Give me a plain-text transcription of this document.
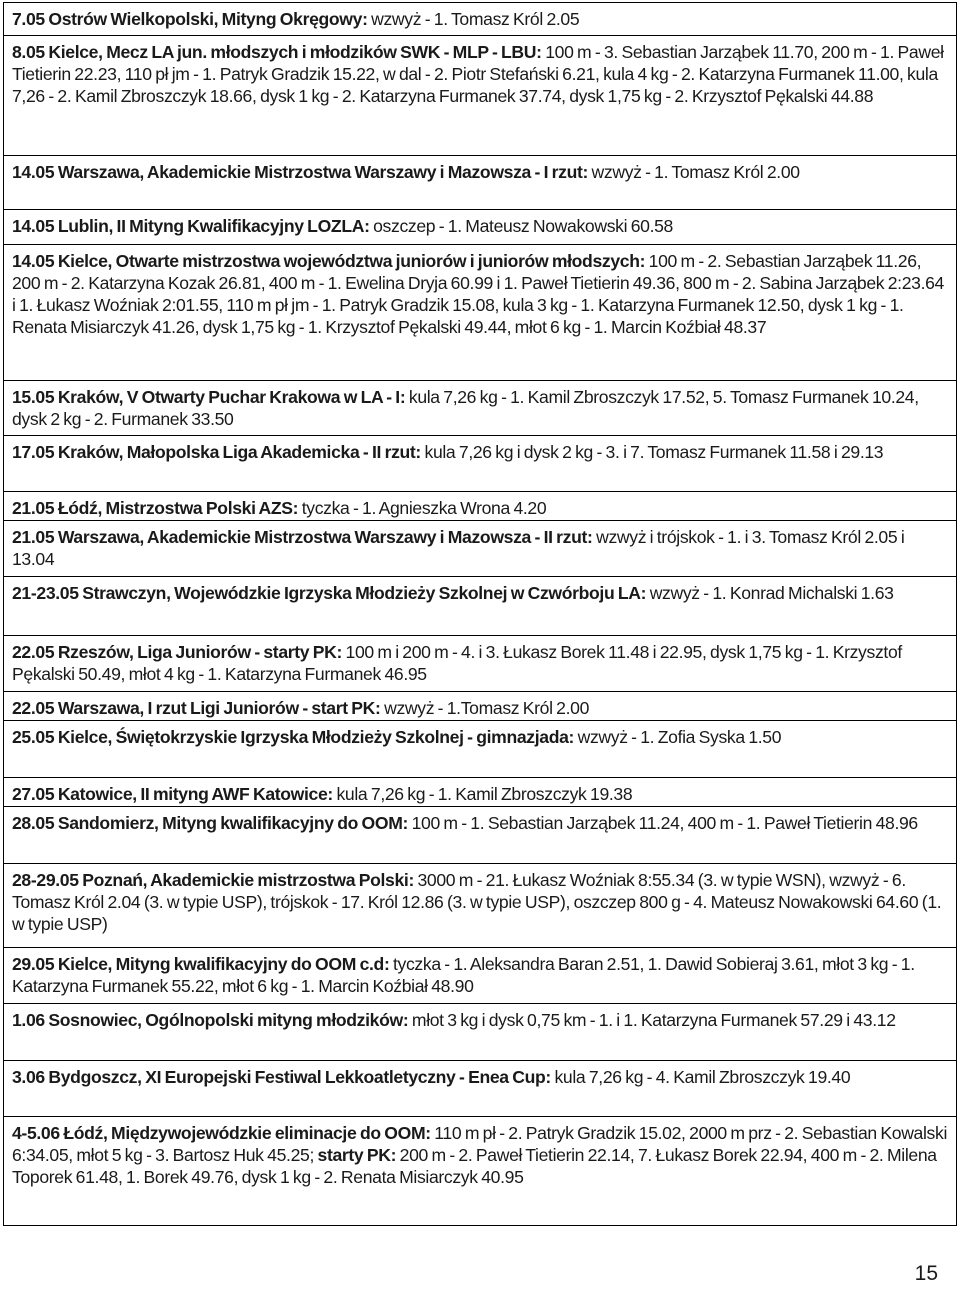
7.05 Ostrów Wielkopolski, Mityng Okręgowy: wzwyż - 1. Tomasz Król 2.05
8.05 Kielce, Mecz LA jun. młodszych i młodzików SWK - MLP - LBU: 100 m - 3. Sebastian Jarząbek 11.70, 200 m - 1. Paweł Tietierin 22.23, 110 pł jm - 1. Patryk Gradzik 15.22, w dal - 2. Piotr Stefański 6.21, kula 4 kg - 2. Katarzyna Furmanek 11.00, kula 7,26 - 2. Kamil Zbroszczyk 18.66, dysk 1 kg - 2. Katarzyna Furmanek 37.74, dysk 1,75 kg - 2. Krzysztof Pękalski 44.88
14.05 Warszawa, Akademickie Mistrzostwa Warszawy i Mazowsza - I rzut: wzwyż - 1. Tomasz Król 2.00
14.05 Lublin, II Mityng Kwalifikacyjny LOZLA: oszczep - 1. Mateusz Nowakowski 60.58
14.05 Kielce, Otwarte mistrzostwa województwa juniorów i juniorów młodszych: 100 m - 2. Sebastian Jarząbek 11.26, 200 m - 2. Katarzyna Kozak 26.81, 400 m - 1. Ewelina Dryja 60.99 i 1. Paweł Tietierin 49.36, 800 m - 2. Sabina Jarząbek 2:23.64 i 1. Łukasz Woźniak 2:01.55, 110 m pł jm - 1. Patryk Gradzik 15.08, kula 3 kg - 1. Katarzyna Furmanek 12.50, dysk 1 kg - 1. Renata Misiarczyk 41.26, dysk 1,75 kg - 1. Krzysztof Pękalski 49.44, młot 6 kg - 1. Marcin Koźbiał 48.37
15.05 Kraków, V Otwarty Puchar Krakowa w LA - I: kula 7,26 kg - 1. Kamil Zbroszczyk 17.52, 5. Tomasz Furmanek 10.24, dysk 2 kg - 2. Furmanek 33.50
17.05 Kraków, Małopolska Liga Akademicka - II rzut: kula 7,26 kg i dysk 2 kg - 3. i 7. Tomasz Furmanek 11.58 i 29.13
21.05 Łódź, Mistrzostwa Polski AZS: tyczka - 1. Agnieszka Wrona 4.20
21.05 Warszawa, Akademickie Mistrzostwa Warszawy i Mazowsza - II rzut: wzwyż i trójskok - 1. i 3. Tomasz Król 2.05 i 13.04
21-23.05 Strawczyn, Wojewódzkie Igrzyska Młodzieży Szkolnej w Czwórboju LA: wzwyż - 1. Konrad Michalski 1.63
22.05 Rzeszów, Liga Juniorów - starty PK: 100 m i 200 m - 4. i 3. Łukasz Borek 11.48 i 22.95, dysk 1,75 kg - 1. Krzysztof Pękalski 50.49, młot 4 kg - 1. Katarzyna Furmanek 46.95
22.05 Warszawa, I rzut Ligi Juniorów - start PK: wzwyż - 1.Tomasz Król 2.00
25.05 Kielce, Świętokrzyskie Igrzyska Młodzieży Szkolnej - gimnazjada: wzwyż - 1. Zofia Syska 1.50
27.05 Katowice, II mityng AWF Katowice: kula 7,26 kg - 1. Kamil Zbroszczyk 19.38
28.05 Sandomierz, Mityng kwalifikacyjny do OOM: 100 m - 1. Sebastian Jarząbek 11.24, 400 m - 1. Paweł Tietierin 48.96
28-29.05 Poznań, Akademickie mistrzostwa Polski: 3000 m - 21. Łukasz Woźniak 8:55.34 (3. w typie WSN), wzwyż - 6. Tomasz Król 2.04 (3. w typie USP), trójskok - 17. Król 12.86 (3. w typie USP), oszczep 800 g - 4. Mateusz Nowakowski 64.60 (1. w typie USP)
29.05 Kielce, Mityng kwalifikacyjny do OOM c.d: tyczka - 1. Aleksandra Baran 2.51, 1. Dawid Sobieraj 3.61, młot 3 kg - 1. Katarzyna Furmanek 55.22, młot 6 kg - 1. Marcin Koźbiał 48.90
1.06 Sosnowiec, Ogólnopolski mityng młodzików: młot 3 kg i dysk 0,75 km - 1. i 1. Katarzyna Furmanek 57.29 i 43.12
3.06 Bydgoszcz, XI Europejski Festiwal Lekkoatletyczny - Enea Cup: kula 7,26 kg - 4. Kamil Zbroszczyk 19.40
4-5.06 Łódź, Międzywojewódzkie eliminacje do OOM: 110 m pł - 2. Patryk Gradzik 15.02, 2000 m prz - 2. Sebastian Kowalski 6:34.05, młot 5 kg - 3. Bartosz Huk 45.25; starty PK: 200 m - 2. Paweł Tietierin 22.14, 7. Łukasz Borek 22.94, 400 m - 2. Milena Toporek 61.48, 1. Borek 49.76, dysk 1 kg - 2. Renata Misiarczyk 40.95
15
